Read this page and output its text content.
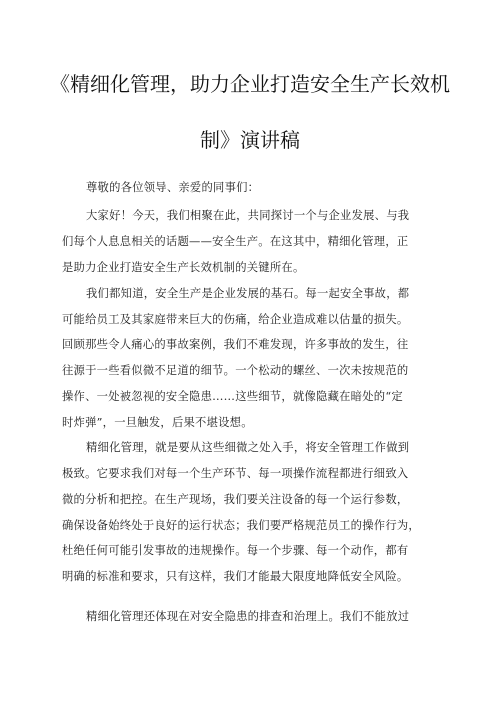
《精细化管理，助力企业打造安全生产长效机
制》演讲稿
尊敬的各位领导、亲爱的同事们：
大家好！今天，我们相聚在此，共同探讨一个与企业发展、与我
们每个人息息相关的话题——安全生产。在这其中，精细化管理，正
是助力企业打造安全生产长效机制的关键所在。
我们都知道，安全生产是企业发展的基石。每一起安全事故，都
可能给员工及其家庭带来巨大的伤痛，给企业造成难以估量的损失。
回顾那些令人痛心的事故案例，我们不难发现，许多事故的发生，往
往源于一些看似微不足道的细节。一个松动的螺丝、一次未按规范的
操作、一处被忽视的安全隐患……这些细节，就像隐藏在暗处的“定
时炸弹”，一旦触发，后果不堪设想。
精细化管理，就是要从这些细微之处入手，将安全管理工作做到
极致。它要求我们对每一个生产环节、每一项操作流程都进行细致入
微的分析和把控。在生产现场，我们要关注设备的每一个运行参数，
确保设备始终处于良好的运行状态；我们要严格规范员工的操作行为，
杜绝任何可能引发事故的违规操作。每一个步骤、每一个动作，都有
明确的标准和要求，只有这样，我们才能最大限度地降低安全风险。
精细化管理还体现在对安全隐患的排查和治理上。我们不能放过
